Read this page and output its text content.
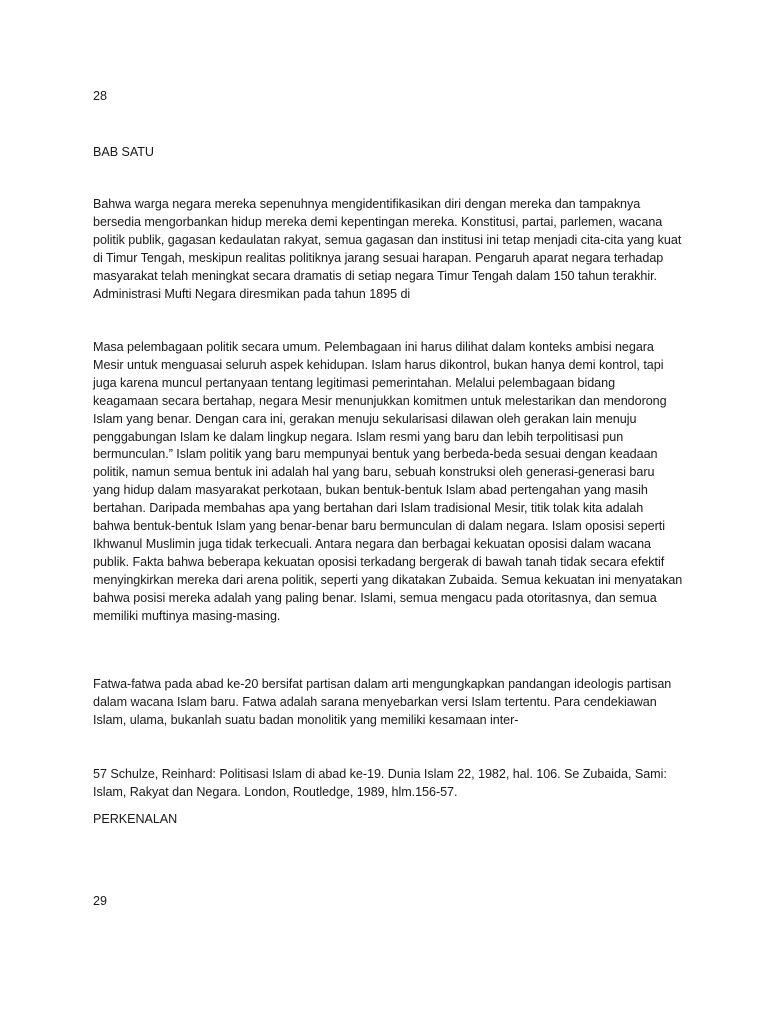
28

BAB SATU

Bahwa warga negara mereka sepenuhnya mengidentifikasikan diri dengan mereka dan tampaknya bersedia mengorbankan hidup mereka demi kepentingan mereka. Konstitusi, partai, parlemen, wacana politik publik, gagasan kedaulatan rakyat, semua gagasan dan institusi ini tetap menjadi cita-cita yang kuat di Timur Tengah, meskipun realitas politiknya jarang sesuai harapan. Pengaruh aparat negara terhadap masyarakat telah meningkat secara dramatis di setiap negara Timur Tengah dalam 150 tahun terakhir. Administrasi Mufti Negara diresmikan pada tahun 1895 di

Masa pelembagaan politik secara umum. Pelembagaan ini harus dilihat dalam konteks ambisi negara Mesir untuk menguasai seluruh aspek kehidupan. Islam harus dikontrol, bukan hanya demi kontrol, tapi juga karena muncul pertanyaan tentang legitimasi pemerintahan. Melalui pelembagaan bidang keagamaan secara bertahap, negara Mesir menunjukkan komitmen untuk melestarikan dan mendorong Islam yang benar. Dengan cara ini, gerakan menuju sekularisasi dilawan oleh gerakan lain menuju penggabungan Islam ke dalam lingkup negara. Islam resmi yang baru dan lebih terpolitisasi pun bermunculan.” Islam politik yang baru mempunyai bentuk yang berbeda-beda sesuai dengan keadaan politik, namun semua bentuk ini adalah hal yang baru, sebuah konstruksi oleh generasi-generasi baru yang hidup dalam masyarakat perkotaan, bukan bentuk-bentuk Islam abad pertengahan yang masih bertahan. Daripada membahas apa yang bertahan dari Islam tradisional Mesir, titik tolak kita adalah bahwa bentuk-bentuk Islam yang benar-benar baru bermunculan di dalam negara. Islam oposisi seperti Ikhwanul Muslimin juga tidak terkecuali. Antara negara dan berbagai kekuatan oposisi dalam wacana publik. Fakta bahwa beberapa kekuatan oposisi terkadang bergerak di bawah tanah tidak secara efektif menyingkirkan mereka dari arena politik, seperti yang dikatakan Zubaida. Semua kekuatan ini menyatakan bahwa posisi mereka adalah yang paling benar. Islami, semua mengacu pada otoritasnya, dan semua memiliki muftinya masing-masing.

Fatwa-fatwa pada abad ke-20 bersifat partisan dalam arti mengungkapkan pandangan ideologis partisan dalam wacana Islam baru. Fatwa adalah sarana menyebarkan versi Islam tertentu. Para cendekiawan Islam, ulama, bukanlah suatu badan monolitik yang memiliki kesamaan inter-

57 Schulze, Reinhard: Politisasi Islam di abad ke-19. Dunia Islam 22, 1982, hal. 106. Se Zubaida, Sami: Islam, Rakyat dan Negara. London, Routledge, 1989, hlm.156-57.

PERKENALAN

29
